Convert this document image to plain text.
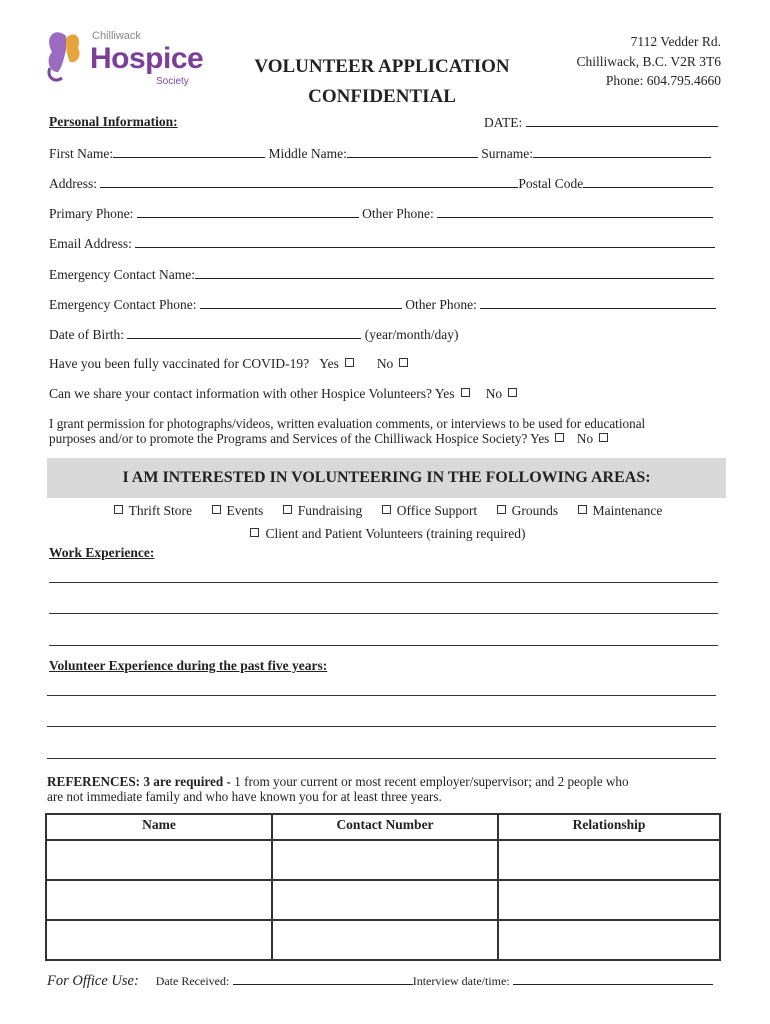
Chilliwack
Hospice
Society
VOLUNTEER APPLICATION
CONFIDENTIAL
7112 Vedder Rd.
Chilliwack, B.C. V2R 3T6
Phone: 604.795.4660
Personal Information:	DATE:
First Name:	Middle Name:	Surname:
Address:	Postal Code
Primary Phone:	Other Phone:
Email Address:
Emergency Contact Name:
Emergency Contact Phone:	Other Phone:
Date of Birth:	(year/month/day)
Have you been fully vaccinated for COVID-19? Yes	No
Can we share your contact information with other Hospice Volunteers? Yes No
I grant permission for photographs/videos, written evaluation comments, or interviews to be used for educational
purposes and/or to promote the Programs and Services of the Chilliwack Hospice Society? Yes No
I AM INTERESTED IN VOLUNTEERING IN THE FOLLOWING AREAS:
Thrift Store	Events	Fundraising	Office Support	Grounds	Maintenance
Client and Patient Volunteers (training required)
Work Experience:
Volunteer Experience during the past five years:
REFERENCES: 3 are required - 1 from your current or most recent employer/supervisor; and 2 people who
are not immediate family and who have known you for at least three years.
Name	Contact Number	Relationship

For Office Use: Date Received:	Interview date/time:
